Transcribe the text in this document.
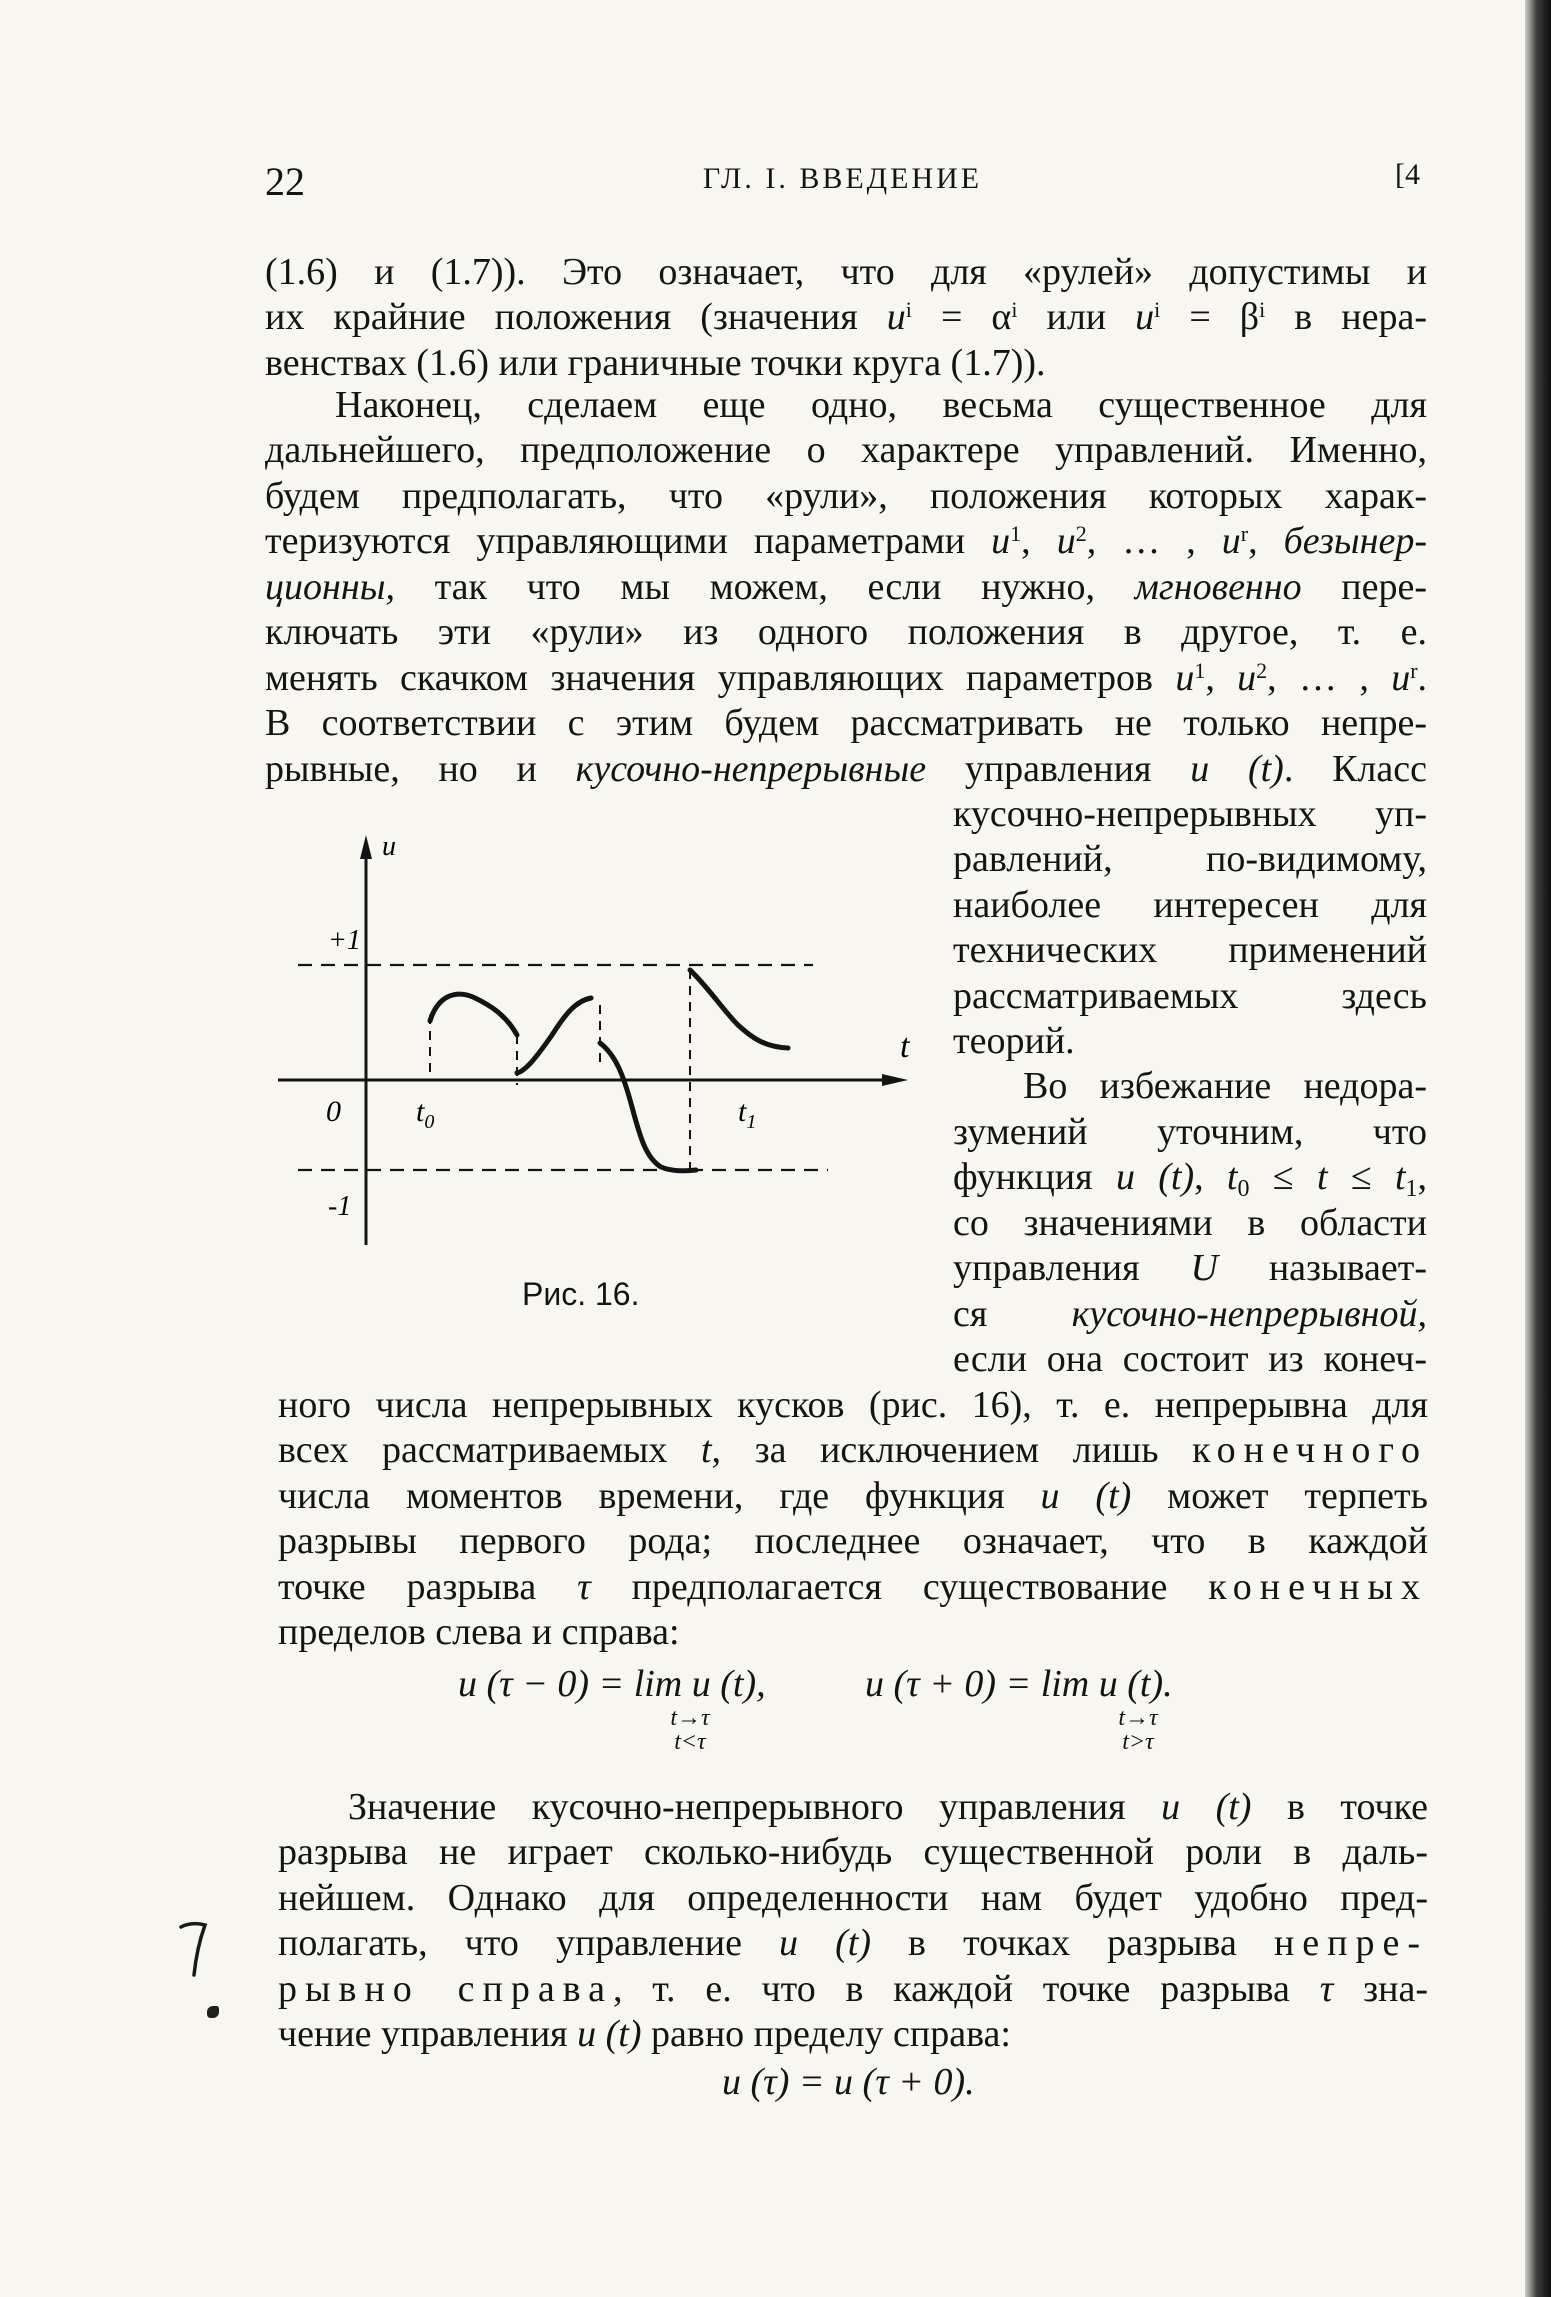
22	ГЛ. I. ВВЕДЕНИЕ	[4
(1.6) и (1.7)). Это означает, что для «рулей» допустимы и
их крайние положения (значения $u^i = \alpha^i$ или $u^i = \beta^i$ в нера-
венствах (1.6) или граничные точки круга (1.7)).
Наконец, сделаем еще одно, весьма существенное для
дальнейшего, предположение о характере управлений. Именно,
будем предполагать, что «рули», положения которых харак-
теризуются управляющими параметрами $u^1$, $u^2$, … , $u^r$, безынер-
ционны, так что мы можем, если нужно, мгновенно пере-
ключать эти «рули» из одного положения в другое, т. е.
менять скачком значения управляющих параметров $u^1$, $u^2$, … , $u^r$.
В соответствии с этим будем рассматривать не только непре-
рывные, но и кусочно-непрерывные управления u (t). Класс
кусочно-непрерывных уп-
равлений, по-видимому,
наиболее интересен для
технических применений
рассматриваемых здесь
теорий.
Во избежание недора-
зумений уточним, что
функция u (t), $t_0 \le t \le t_1$,
со значениями в области
управления U называет-
ся кусочно-непрерывной,
если она состоит из конеч-
u
+1
0	$t_0$	$t_1$
t
-1
Рис. 16.
ного числа непрерывных кусков (рис. 16), т. е. непрерывна для
всех рассматриваемых t, за исключением лишь конечного
числа моментов времени, где функция u (t) может терпеть
разрывы первого рода; последнее означает, что в каждой
точке разрыва τ предполагается существование конечных
пределов слева и справа:
u (τ − 0) = lim u (t),
t→τ
t<τ
u (τ + 0) = lim u (t).
t→τ
t>τ
Значение кусочно-непрерывного управления u (t) в точке
разрыва не играет сколько-нибудь существенной роли в даль-
нейшем. Однако для определенности нам будет удобно пред-
полагать, что управление u (t) в точках разрыва непре-
рывно справа, т. е. что в каждой точке разрыва τ зна-
чение управления u (t) равно пределу справа:
u (τ) = u (τ + 0).
